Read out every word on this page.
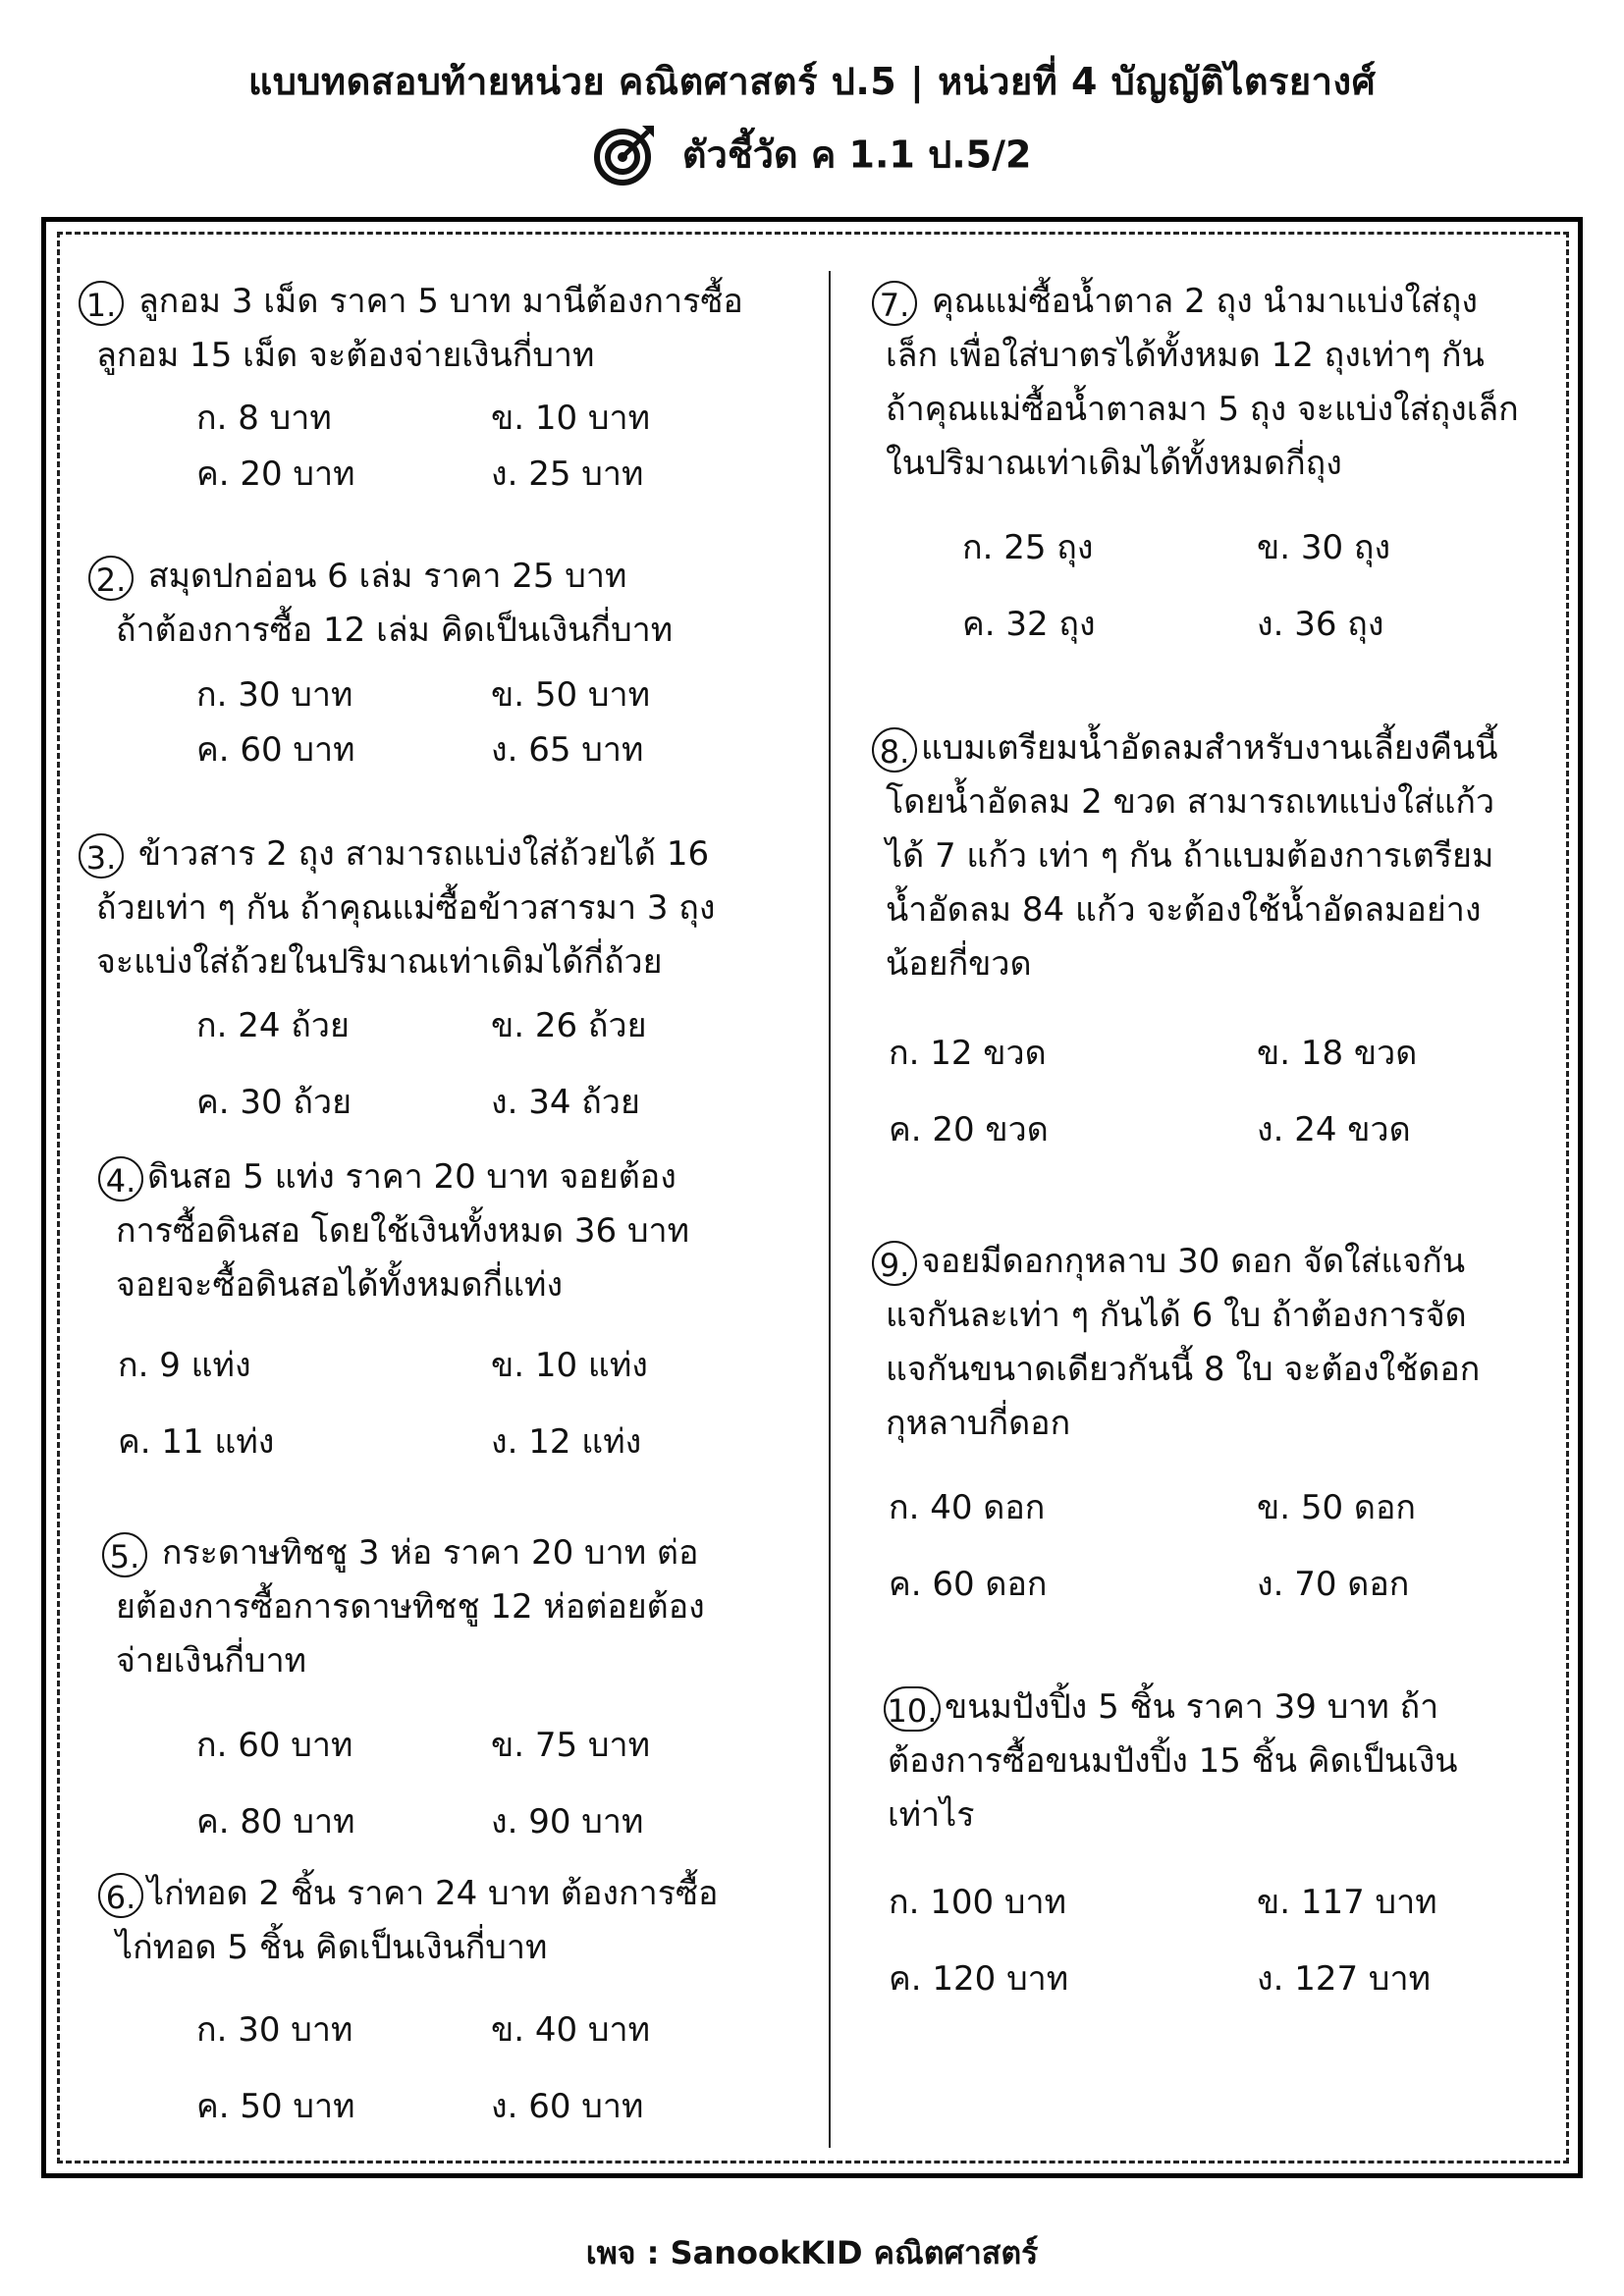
แบบทดสอบท้ายหน่วย คณิตศาสตร์ ป.5 | หน่วยที่ 4 บัญญัติไตรยางศ์
ตัวชี้วัด ค 1.1 ป.5/2
1. ลูกอม 3 เม็ด ราคา 5 บาท มานีต้องการซื้อ
ลูกอม 15 เม็ด จะต้องจ่ายเงินกี่บาท
ก. 8 บาท	ข. 10 บาท
ค. 20 บาท	ง. 25 บาท
2. สมุดปกอ่อน 6 เล่ม ราคา 25 บาท
ถ้าต้องการซื้อ 12 เล่ม คิดเป็นเงินกี่บาท
ก. 30 บาท	ข. 50 บาท
ค. 60 บาท	ง. 65 บาท
3. ข้าวสาร 2 ถุง สามารถแบ่งใส่ถ้วยได้ 16
ถ้วยเท่า ๆ กัน ถ้าคุณแม่ซื้อข้าวสารมา 3 ถุง
จะแบ่งใส่ถ้วยในปริมาณเท่าเดิมได้กี่ถ้วย
ก. 24 ถ้วย	ข. 26 ถ้วย
ค. 30 ถ้วย	ง. 34 ถ้วย
4. ดินสอ 5 แท่ง ราคา 20 บาท จอยต้อง
การซื้อดินสอ โดยใช้เงินทั้งหมด 36 บาท
จอยจะซื้อดินสอได้ทั้งหมดกี่แท่ง
ก. 9 แท่ง	ข. 10 แท่ง
ค. 11 แท่ง	ง. 12 แท่ง
5. กระดาษทิชชู 3 ห่อ ราคา 20 บาท ต่อ
ยต้องการซื้อการดาษทิชชู 12 ห่อต่อยต้อง
จ่ายเงินกี่บาท
ก. 60 บาท	ข. 75 บาท
ค. 80 บาท	ง. 90 บาท
6. ไก่ทอด 2 ชิ้น ราคา 24 บาท ต้องการซื้อ
ไก่ทอด 5 ชิ้น คิดเป็นเงินกี่บาท
ก. 30 บาท	ข. 40 บาท
ค. 50 บาท	ง. 60 บาท
7. คุณแม่ซื้อน้ำตาล 2 ถุง นำมาแบ่งใส่ถุง
เล็ก เพื่อใส่บาตรได้ทั้งหมด 12 ถุงเท่าๆ กัน
ถ้าคุณแม่ซื้อน้ำตาลมา 5 ถุง จะแบ่งใส่ถุงเล็ก
ในปริมาณเท่าเดิมได้ทั้งหมดกี่ถุง
ก. 25 ถุง	ข. 30 ถุง
ค. 32 ถุง	ง. 36 ถุง
8. แบมเตรียมน้ำอัดลมสำหรับงานเลี้ยงคืนนี้
โดยน้ำอัดลม 2 ขวด สามารถเทแบ่งใส่แก้ว
ได้ 7 แก้ว เท่า ๆ กัน ถ้าแบมต้องการเตรียม
น้ำอัดลม 84 แก้ว จะต้องใช้น้ำอัดลมอย่าง
น้อยกี่ขวด
ก. 12 ขวด	ข. 18 ขวด
ค. 20 ขวด	ง. 24 ขวด
9. จอยมีดอกกุหลาบ 30 ดอก จัดใส่แจกัน
แจกันละเท่า ๆ กันได้ 6 ใบ ถ้าต้องการจัด
แจกันขนาดเดียวกันนี้ 8 ใบ จะต้องใช้ดอก
กุหลาบกี่ดอก
ก. 40 ดอก	ข. 50 ดอก
ค. 60 ดอก	ง. 70 ดอก
10. ขนมปังปิ้ง 5 ชิ้น ราคา 39 บาท ถ้า
ต้องการซื้อขนมปังปิ้ง 15 ชิ้น คิดเป็นเงิน
เท่าไร
ก. 100 บาท	ข. 117 บาท
ค. 120 บาท	ง. 127 บาท
เพจ : SanookKID คณิตศาสตร์
